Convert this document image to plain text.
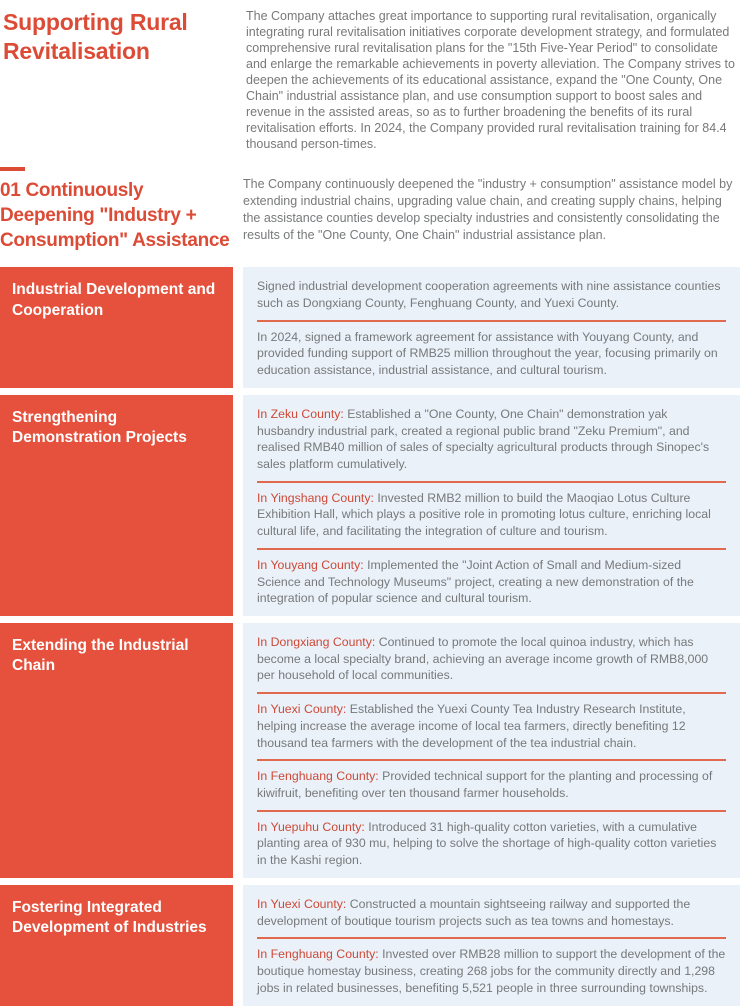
Supporting Rural Revitalisation

The Company attaches great importance to supporting rural revitalisation, organically integrating rural revitalisation initiatives corporate development strategy, and formulated comprehensive rural revitalisation plans for the "15th Five-Year Period" to consolidate and enlarge the remarkable achievements in poverty alleviation. The Company strives to deepen the achievements of its educational assistance, expand the "One County, One Chain" industrial assistance plan, and use consumption support to boost sales and revenue in the assisted areas, so as to further broadening the benefits of its rural revitalisation efforts. In 2024, the Company provided rural revitalisation training for 84.4 thousand person-times.

01 Continuously Deepening "Industry + Consumption" Assistance

The Company continuously deepened the "industry + consumption" assistance model by extending industrial chains, upgrading value chain, and creating supply chains, helping the assistance counties develop specialty industries and consistently consolidating the results of the "One County, One Chain" industrial assistance plan.

Industrial Development and Cooperation

Signed industrial development cooperation agreements with nine assistance counties such as Dongxiang County, Fenghuang County, and Yuexi County.

In 2024, signed a framework agreement for assistance with Youyang County, and provided funding support of RMB25 million throughout the year, focusing primarily on education assistance, industrial assistance, and cultural tourism.

Strengthening Demonstration Projects

In Zeku County: Established a "One County, One Chain" demonstration yak husbandry industrial park, created a regional public brand "Zeku Premium", and realised RMB40 million of sales of specialty agricultural products through Sinopec's sales platform cumulatively.

In Yingshang County: Invested RMB2 million to build the Maoqiao Lotus Culture Exhibition Hall, which plays a positive role in promoting lotus culture, enriching local cultural life, and facilitating the integration of culture and tourism.

In Youyang County: Implemented the "Joint Action of Small and Medium-sized Science and Technology Museums" project, creating a new demonstration of the integration of popular science and cultural tourism.

Extending the Industrial Chain

In Dongxiang County: Continued to promote the local quinoa industry, which has become a local specialty brand, achieving an average income growth of RMB8,000 per household of local communities.

In Yuexi County: Established the Yuexi County Tea Industry Research Institute, helping increase the average income of local tea farmers, directly benefiting 12 thousand tea farmers with the development of the tea industrial chain.

In Fenghuang County: Provided technical support for the planting and processing of kiwifruit, benefiting over ten thousand farmer households.

In Yuepuhu County: Introduced 31 high-quality cotton varieties, with a cumulative planting area of 930 mu, helping to solve the shortage of high-quality cotton varieties in the Kashi region.

Fostering Integrated Development of Industries

In Yuexi County: Constructed a mountain sightseeing railway and supported the development of boutique tourism projects such as tea towns and homestays.

In Fenghuang County: Invested over RMB28 million to support the development of the boutique homestay business, creating 268 jobs for the community directly and 1,298 jobs in related businesses, benefiting 5,521 people in three surrounding townships.
